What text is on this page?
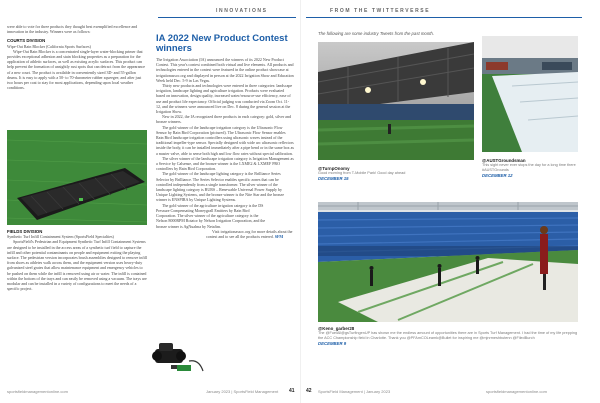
INNOVATIONS	FROM THE TWITTERVERSE

were able to vote for three products they thought best exemplified excellence and innovation in the industry. Winners were as follows:

COURTS DIVISION
Wipe-Out Rain Blocker (California Sports Surfaces)

Wipe-Out Rain Blocker is a concentrated single-layer water-blocking primer that provides exceptional adhesion and stain blocking properties as a preparation for the application of athletic surfaces, as well as existing acrylic surfaces. This product can help prevent the formation of unsightly rust spots that can detract from the appearance of a new court. The product is available in conveniently sized 3D- and 55-gallon drums. It is easy to apply with a 50- to 70-durometer rubber squeegee, and after just two hours per coat to stay for most applications, depending upon local weather conditions.

FIELDS DIVISION
Synthetic Turf Infill Containment System (SportsField Specialties)

SportsField's Pedestrian and Equipment Synthetic Turf Infill Containment Systems are designed to be installed in the access areas of a synthetic turf field to capture the infill and other potential contaminants on people and equipment exiting the playing surface. The pedestrian version incorporates brush assemblies designed to remove infill from shoes as athletes walk across them, and the equipment version uses heavy-duty galvanized steel grates that allow maintenance equipment and emergency vehicles to be pushed on them while the infill is removed using air or water. The infill is contained within the bottom of the trays and can easily be removed using a vacuum. The trays are modular and can be installed in a variety of configurations to meet the needs of a specific project.

IA 2022 New Product Contest winners

The Irrigation Association (IA) announced the winners of its 2022 New Product Contest. This year's contest combined both virtual and live elements. All products and technologies entered in the contest were featured in the online product showcase at irrigationassoc.org and displayed in person at the 2022 Irrigation Show and Education Week held Dec. 5-9 in Las Vegas.

Thirty new products and technologies were entered in three categories: landscape irrigation, landscape lighting and agriculture irrigation. Products were evaluated based on innovation, design quality, increased water/resource-use efficiency, ease of use and product life expectancy. Official judging was conducted via Zoom Oct. 11-12, and the winners were announced live on Dec. 8 during the general session at the Irrigation Show.

New in 2022, the IA recognized three products in each category: gold, silver and bronze winners.

The gold winner of the landscape irrigation category is the Ultrasonic Flow Sensor by Rain Bird Corporation (pictured). The Ultrasonic Flow Sensor enables Rain Bird landscape irrigation controllers using ultrasonic waves instead of the traditional impeller-type sensor. Specially designed with wide arc ultrasonic reflectors inside the body, it can be installed immediately after a pipe bend or in the same box as a master valve, able to sense both high and low flow rates without special calibration.

The silver winner of the landscape irrigation category is Irrigation Management as a Service by Calsense, and the bronze winner is the LXME2 & LXMEF PRO controllers by Rain Bird Corporation.

The gold winner of the landscape lighting category is the Brilliance Series Selector by Brilliance. The Series Selector enables specific zones that can be controlled independently from a single transformer. The silver winner of the landscape lighting category is BURS – Renewable Universal Power Supply by Unique Lighting Systems, and the bronze winner is the Nite Star and the bronze winner is ENSPIRA by Unique Lighting Systems.

The gold winner of the agriculture irrigation category is the DS Pressure Compensating Moneygrall Emitters by Rain Bird Corporation. The silver winner of the agriculture category is the Nelson 8000RPM Rotator by Nelson Irrigation Corporation, and the bronze winner is AgNualma by Netafim.

Visit irrigationassoc.org for more details about the contest and to see all the products entered. SFM

sportsfieldmanagementonline.com	January 2023 | SportsField Management 41
The following are some industry Tweets from the past month.
@TurnpOnomy
Good morning from T-Mobile Park! Good day ahead
DECEMBER 15
@AUSTGroundsman
This sight never ever stops the day for a long time there #AUSTGrounds
DECEMBER 12
@Keno_garber28
The @FuelAll@gsTurfingenUP has shown me the endless amount of opportunities there are in Sports Turf Management. I had the time of my life prepping the ACC Championship field in Charlotte. Thank you @PFAmCOLeamk@Bullet for inspiring me @mjnrmeshbutenn @FiledBurch
DECEMBER 9
42 SportsField Management | January 2023	sportsfieldmanagementonline.com
